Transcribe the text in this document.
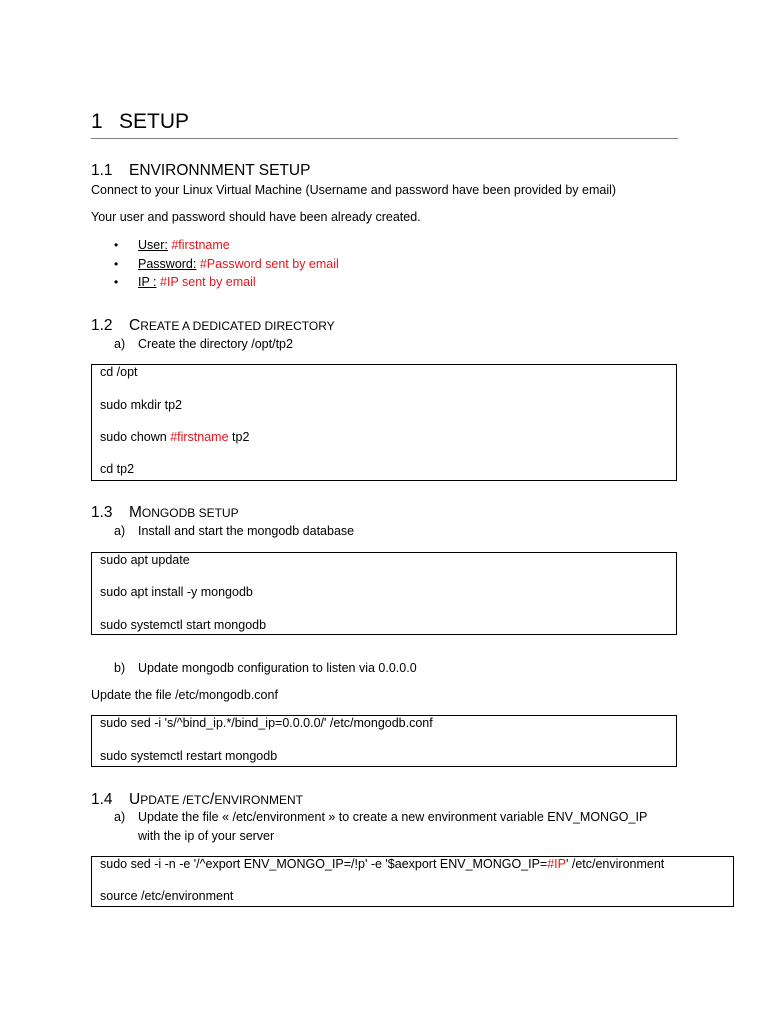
1 SETUP
1.1 ENVIRONNMENT SETUP
Connect to your Linux Virtual Machine (Username and password have been provided by email)
Your user and password should have been already created.
• User: #firstname
• Password: #Password sent by email
• IP : #IP sent by email
1.2 CREATE A DEDICATED DIRECTORY
a) Create the directory /opt/tp2
cd /opt
sudo mkdir tp2
sudo chown #firstname tp2
cd tp2
1.3 MONGODB SETUP
a) Install and start the mongodb database
sudo apt update
sudo apt install -y mongodb
sudo systemctl start mongodb
b) Update mongodb configuration to listen via 0.0.0.0
Update the file /etc/mongodb.conf
sudo sed -i 's/^bind_ip.*/bind_ip=0.0.0.0/' /etc/mongodb.conf
sudo systemctl restart mongodb
1.4 UPDATE /ETC/ENVIRONMENT
a) Update the file « /etc/environment » to create a new environment variable ENV_MONGO_IP
with the ip of your server
sudo sed -i -n -e '/^export ENV_MONGO_IP=/!p' -e '$aexport ENV_MONGO_IP=#IP' /etc/environment
source /etc/environment
